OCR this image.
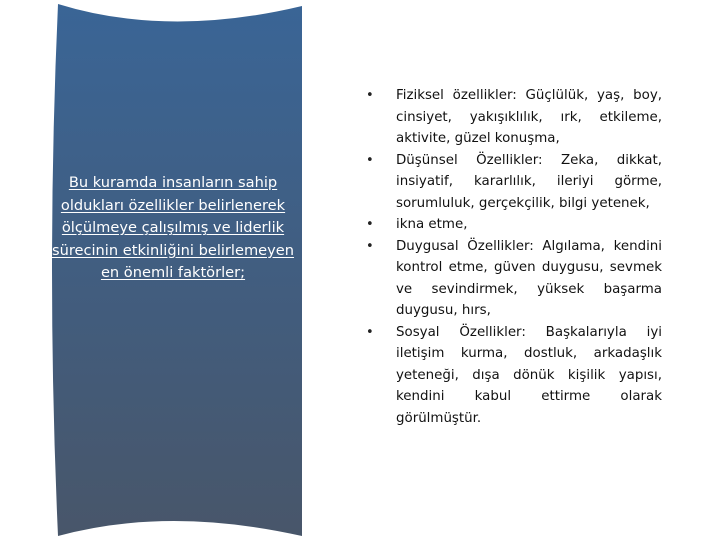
Bu kuramda insanların sahip oldukları özellikler belirlenerek ölçülmeye çalışılmış ve liderlik sürecinin etkinliğini belirlemeyen en önemli faktörler;
• Fiziksel özellikler: Güçlülük, yaş, boy, cinsiyet, yakışıklılık, ırk, etkileme, aktivite, güzel konuşma,
• Düşünsel Özellikler: Zeka, dikkat, insiyatif, kararlılık, ileriyi görme, sorumluluk, gerçekçilik, bilgi yetenek,
• ikna etme,
• Duygusal Özellikler: Algılama, kendini kontrol etme, güven duygusu, sevmek ve sevindirmek, yüksek başarma duygusu, hırs,
• Sosyal Özellikler: Başkalarıyla iyi iletişim kurma, dostluk, arkadaşlık yeteneği, dışa dönük kişilik yapısı, kendini kabul ettirme olarak görülmüştür.
